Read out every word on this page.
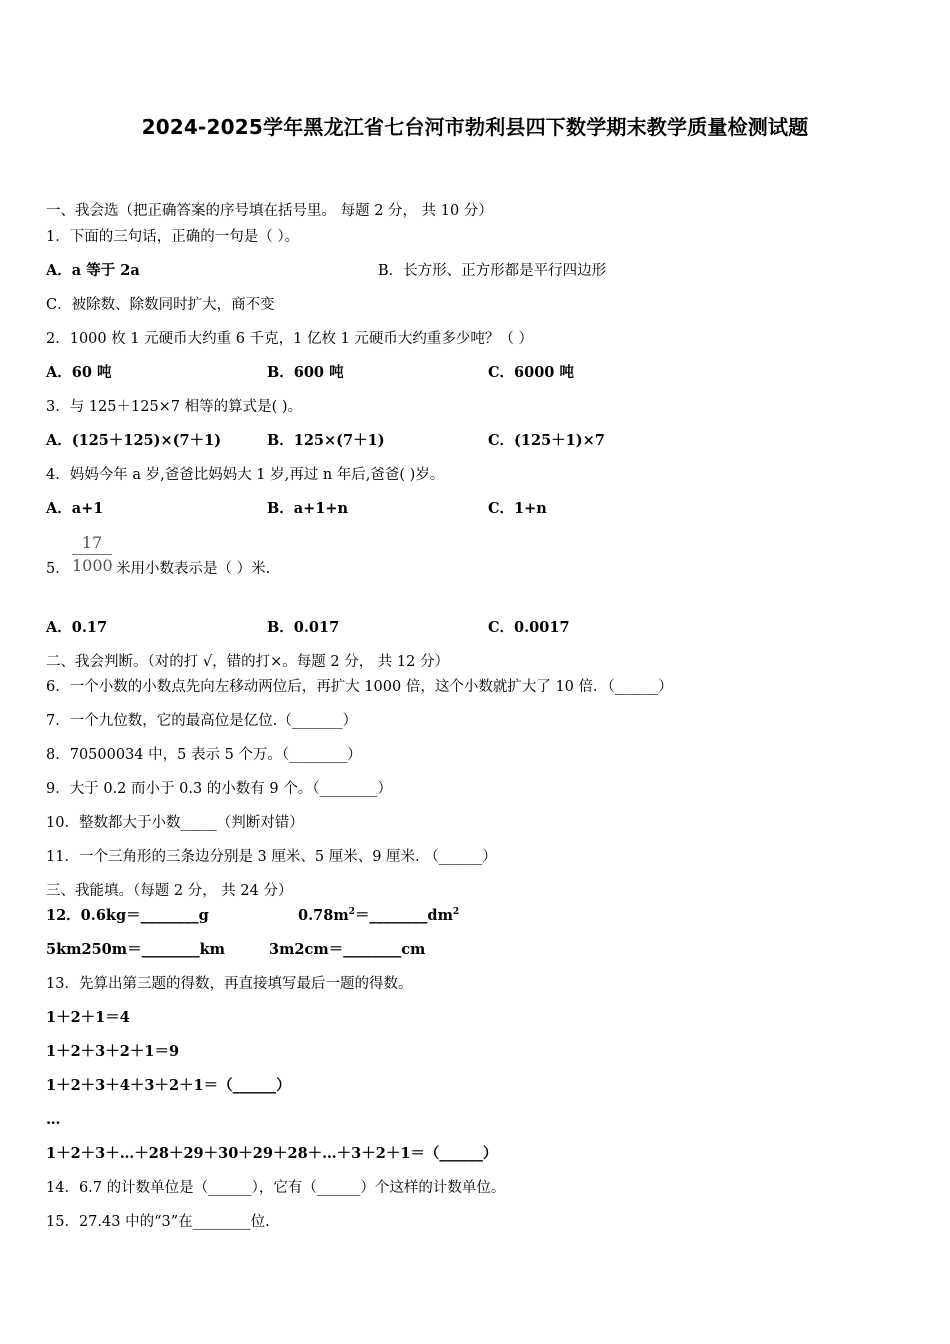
2024-2025学年黑龙江省七台河市勃利县四下数学期末教学质量检测试题
一、我会选（把正确答案的序号填在括号里。 每题 2 分， 共 10 分）
1．下面的三句话，正确的一句是（ ）。
A．a 等于 2a	B．长方形、正方形都是平行四边形
C．被除数、除数同时扩大，商不变
2．1000 枚 1 元硬币大约重 6 千克，1 亿枚 1 元硬币大约重多少吨？（ ）
A．60 吨	B．600 吨	C．6000 吨
3．与 125＋125×7 相等的算式是( )。
A．(125＋125)×(7＋1)	B．125×(7＋1)	C．(125＋1)×7
4．妈妈今年 a 岁,爸爸比妈妈大 1 岁,再过 n 年后,爸爸( )岁。
A．a+1	B．a+1+n	C．1+n
5． $\frac{17}{1000}$ 米用小数表示是（ ）米.
A．0.17	B．0.017	C．0.0017
二、我会判断。（对的打 √，错的打×。每题 2 分， 共 12 分）
6．一个小数的小数点先向左移动两位后，再扩大 1000 倍，这个小数就扩大了 10 倍．（______）
7．一个九位数，它的最高位是亿位.（_______）
8．70500034 中，5 表示 5 个万。（________）
9．大于 0.2 而小于 0.3 的小数有 9 个。（________）
10．整数都大于小数_____（判断对错）
11．一个三角形的三条边分别是 3 厘米、5 厘米、9 厘米. （______）
三、我能填。（每题 2 分， 共 24 分）
12．0.6kg＝________g	$0.78m^2=\_\_\_\_\_\_\_\_dm^2$
5km250m＝________km	3m2cm＝________cm
13．先算出第三题的得数，再直接填写最后一题的得数。
1＋2＋1＝4
1＋2＋3＋2＋1＝9
1＋2＋3＋4＋3＋2＋1＝（______）
…
1＋2＋3＋…＋28＋29＋30＋29＋28＋…＋3＋2＋1＝（______）
14．6.7 的计数单位是（______），它有（______）个这样的计数单位。
15．27.43 中的“3”在________位.
